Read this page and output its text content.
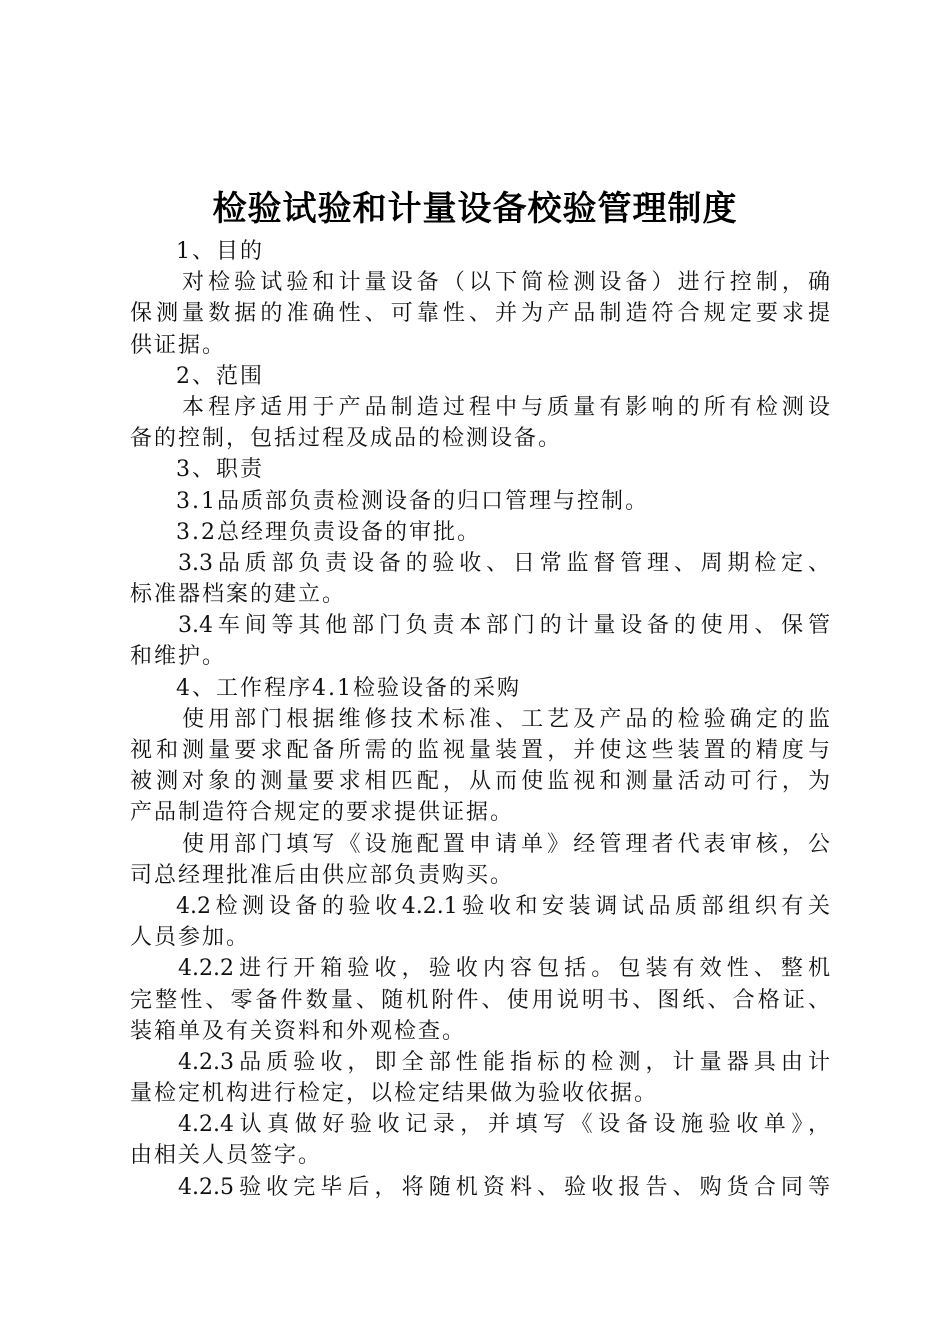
检验试验和计量设备校验管理制度
1、目的
对检验试验和计量设备（以下简检测设备）进行控制，确
保测量数据的准确性、可靠性、并为产品制造符合规定要求提
供证据。
2、范围
本程序适用于产品制造过程中与质量有影响的所有检测设
备的控制，包括过程及成品的检测设备。
3、职责
3.1品质部负责检测设备的归口管理与控制。
3.2总经理负责设备的审批。
3.3品质部负责设备的验收、日常监督管理、周期检定、
标准器档案的建立。
3.4车间等其他部门负责本部门的计量设备的使用、保管
和维护。
4、工作程序4.1检验设备的采购
使用部门根据维修技术标准、工艺及产品的检验确定的监
视和测量要求配备所需的监视量装置，并使这些装置的精度与
被测对象的测量要求相匹配，从而使监视和测量活动可行，为
产品制造符合规定的要求提供证据。
使用部门填写《设施配置申请单》经管理者代表审核，公
司总经理批准后由供应部负责购买。
4.2检测设备的验收4.2.1验收和安装调试品质部组织有关
人员参加。
4.2.2进行开箱验收，验收内容包括。包装有效性、整机
完整性、零备件数量、随机附件、使用说明书、图纸、合格证、
装箱单及有关资料和外观检查。
4.2.3品质验收，即全部性能指标的检测，计量器具由计
量检定机构进行检定，以检定结果做为验收依据。
4.2.4认真做好验收记录，并填写《设备设施验收单》，
由相关人员签字。
4.2.5验收完毕后，将随机资料、验收报告、购货合同等
